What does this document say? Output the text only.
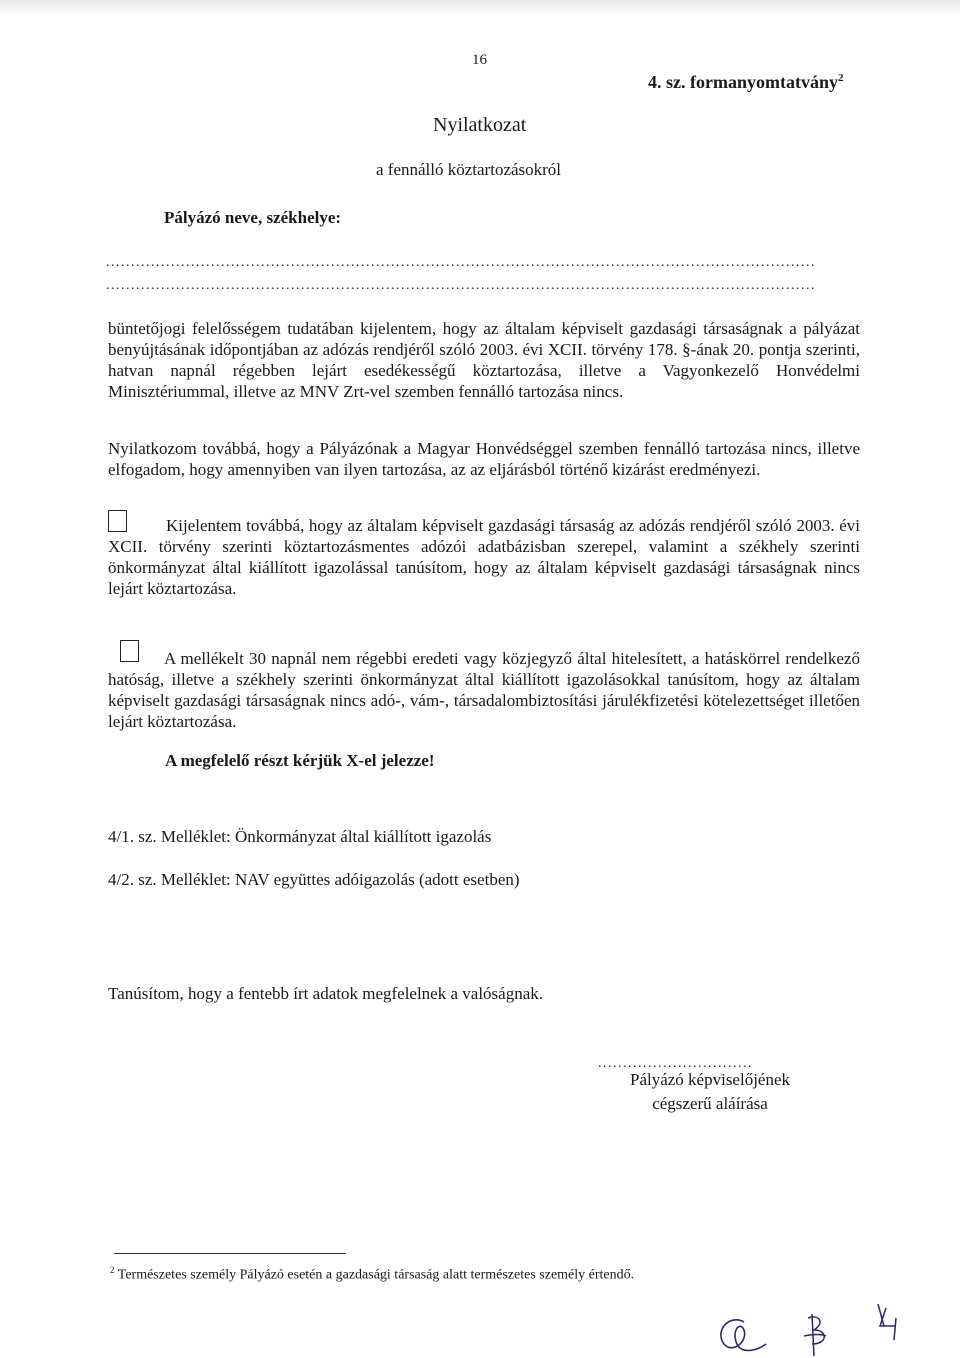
16
4. sz. formanyomtatvány$^2$
Nyilatkozat
a fennálló köztartozásokról
Pályázó neve, székhelye:
..............................................................................................................................................
..............................................................................................................................................
büntetőjogi felelősségem tudatában kijelentem, hogy az általam képviselt gazdasági társaságnak a pályázat benyújtásának időpontjában az adózás rendjéről szóló 2003. évi XCII. törvény 178. §-ának 20. pontja szerinti, hatvan napnál régebben lejárt esedékességű köztartozása, illetve a Vagyonkezelő Honvédelmi Minisztériummal, illetve az MNV Zrt-vel szemben fennálló tartozása nincs.
Nyilatkozom továbbá, hogy a Pályázónak a Magyar Honvédséggel szemben fennálló tartozása nincs, illetve elfogadom, hogy amennyiben van ilyen tartozása, az az eljárásból történő kizárást eredményezi.
Kijelentem továbbá, hogy az általam képviselt gazdasági társaság az adózás rendjéről szóló 2003. évi XCII. törvény szerinti köztartozásmentes adózói adatbázisban szerepel, valamint a székhely szerinti önkormányzat által kiállított igazolással tanúsítom, hogy az általam képviselt gazdasági társaságnak nincs lejárt köztartozása.
A mellékelt 30 napnál nem régebbi eredeti vagy közjegyző által hitelesített, a hatáskörrel rendelkező hatóság, illetve a székhely szerinti önkormányzat által kiállított igazolásokkal tanúsítom, hogy az általam képviselt gazdasági társaságnak nincs adó-, vám-, társadalombiztosítási járulékfizetési kötelezettséget illetően lejárt köztartozása.
A megfelelő részt kérjük X-el jelezze!
4/1. sz. Melléklet: Önkormányzat által kiállított igazolás
4/2. sz. Melléklet: NAV együttes adóigazolás (adott esetben)
Tanúsítom, hogy a fentebb írt adatok megfelelnek a valóságnak.
...............................
Pályázó képviselőjének
cégszerű aláírása
$^2$ Természetes személy Pályázó esetén a gazdasági társaság alatt természetes személy értendő.
